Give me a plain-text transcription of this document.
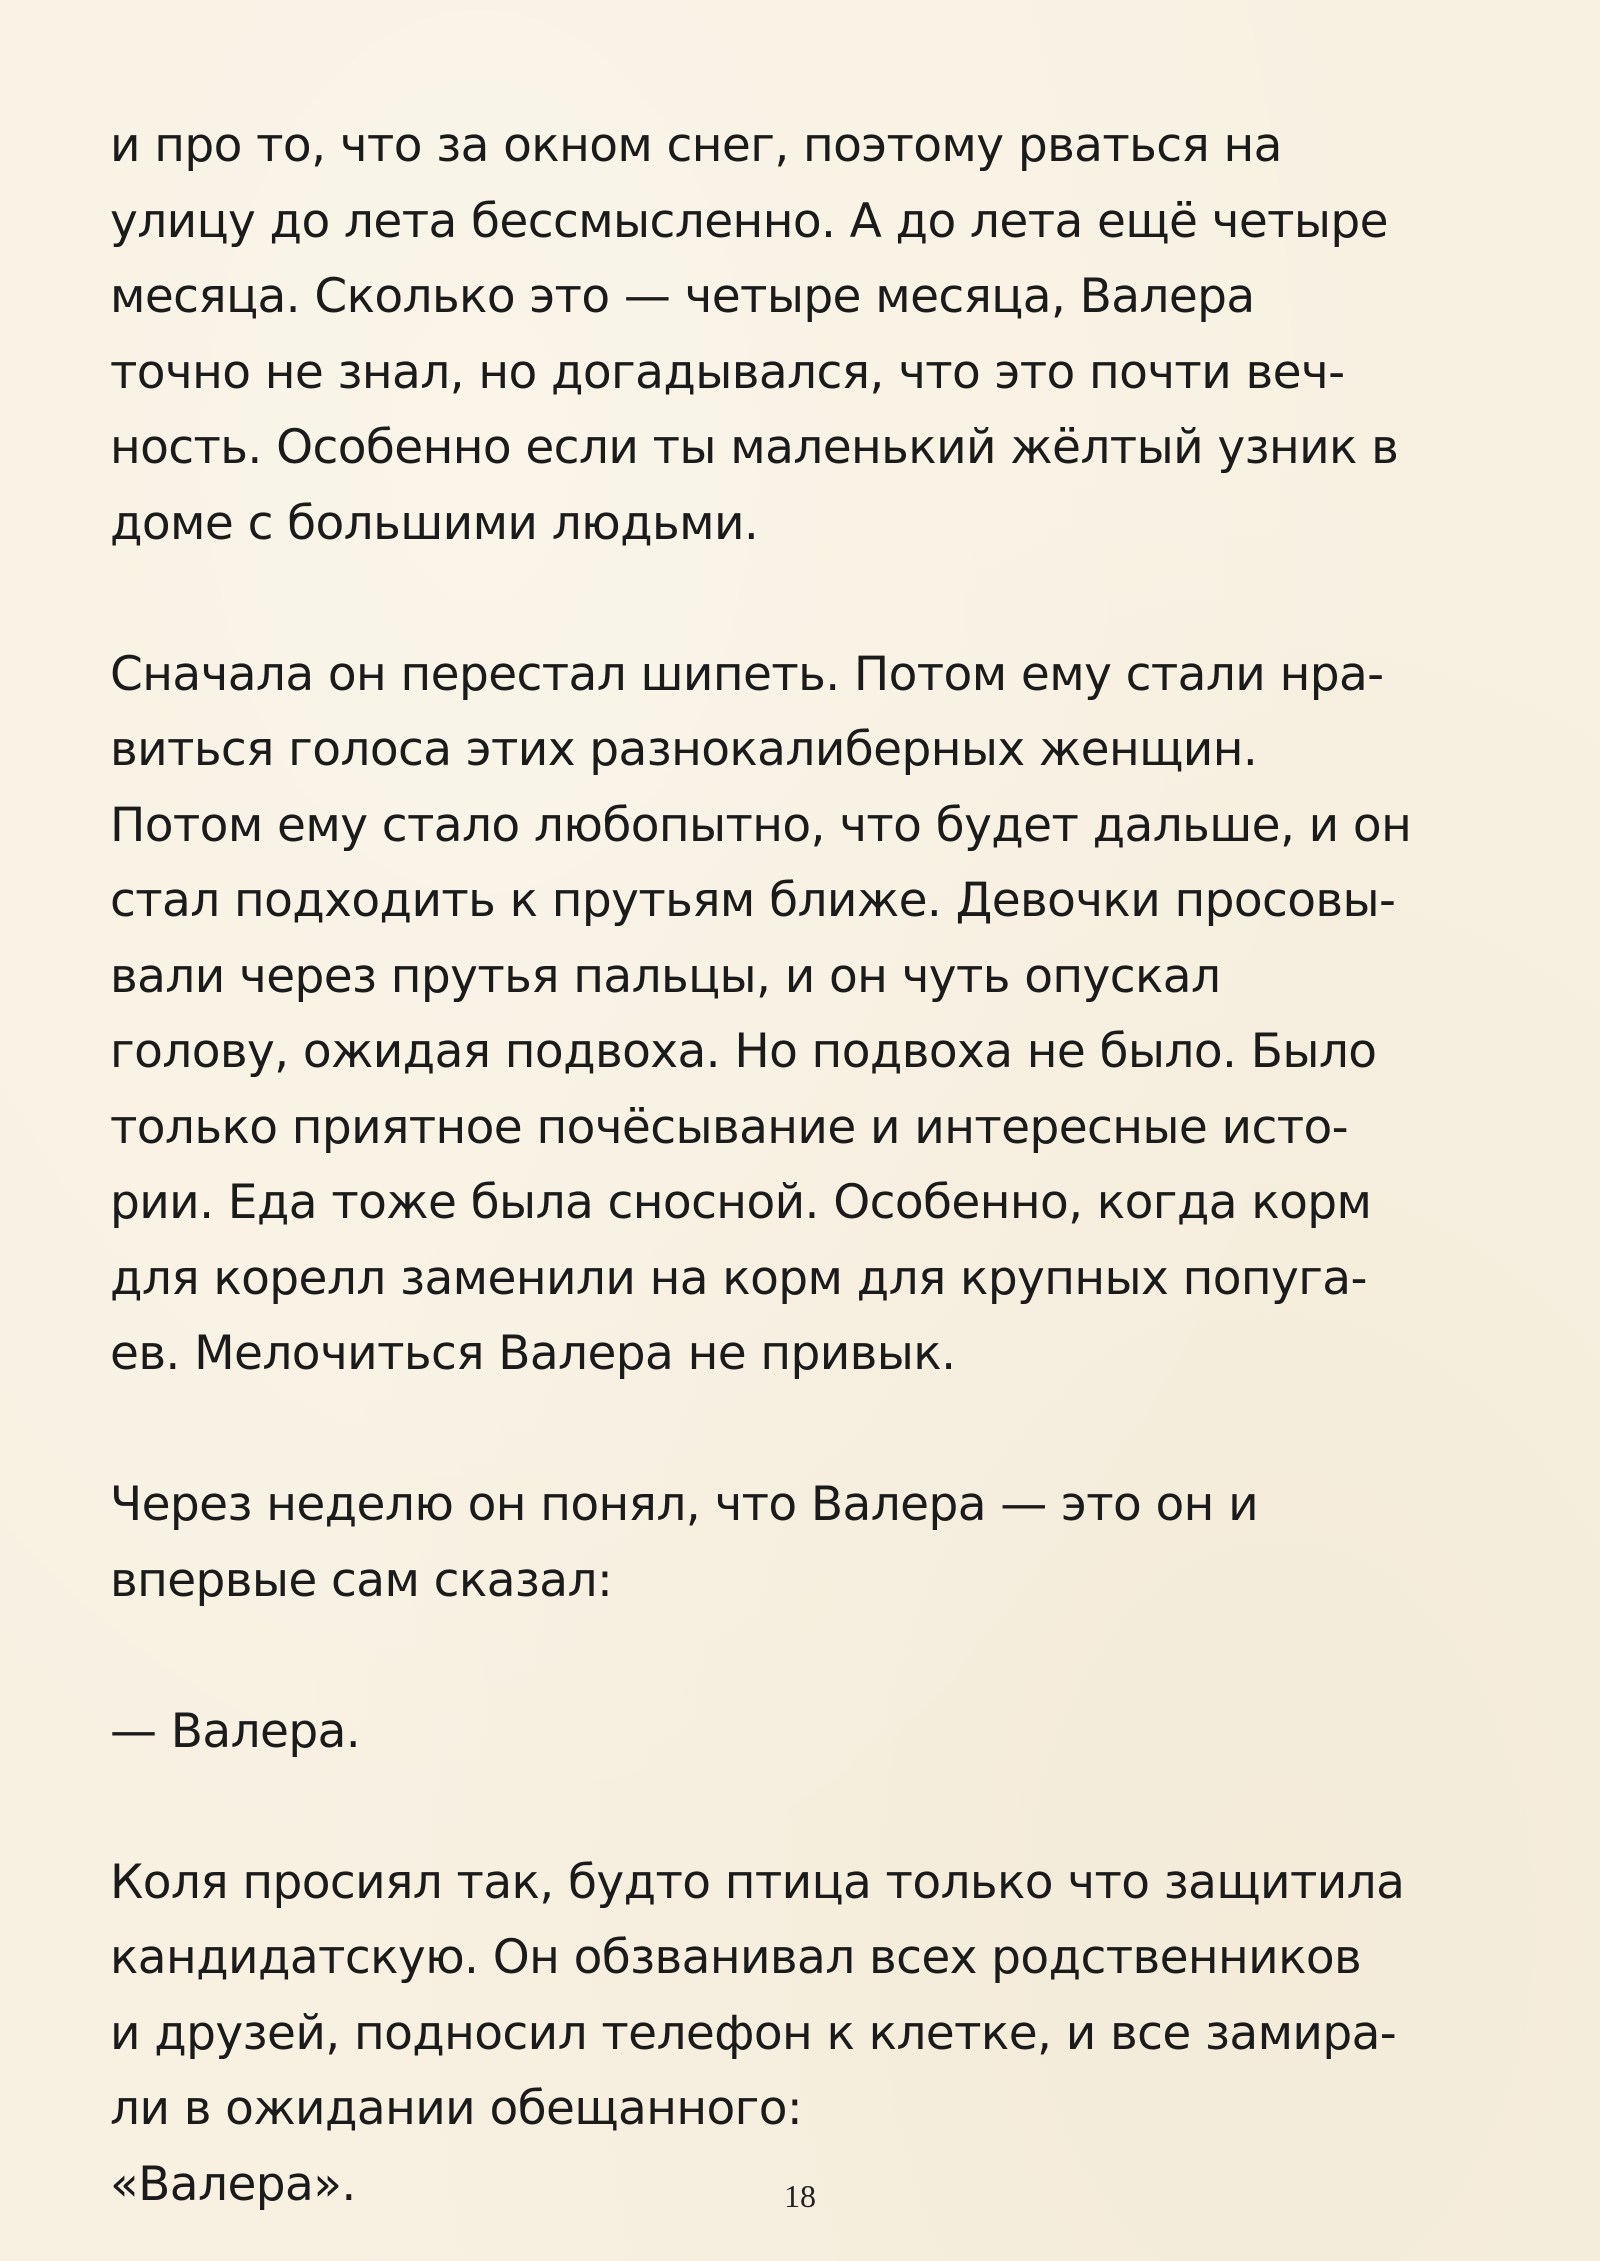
и про то, что за окном снег, поэтому рваться на
улицу до лета бессмысленно. А до лета ещё четыре
месяца. Сколько это — четыре месяца, Валера
точно не знал, но догадывался, что это почти веч-
ность. Особенно если ты маленький жёлтый узник в
доме с большими людьми.
Сначала он перестал шипеть. Потом ему стали нра-
виться голоса этих разнокалиберных женщин.
Потом ему стало любопытно, что будет дальше, и он
стал подходить к прутьям ближе. Девочки просовы-
вали через прутья пальцы, и он чуть опускал
голову, ожидая подвоха. Но подвоха не было. Было
только приятное почёсывание и интересные исто-
рии. Еда тоже была сносной. Особенно, когда корм
для корелл заменили на корм для крупных попуга-
ев. Мелочиться Валера не привык.
Через неделю он понял, что Валера — это он и
впервые сам сказал:
— Валера.
Коля просиял так, будто птица только что защитила
кандидатскую. Он обзванивал всех родственников
и друзей, подносил телефон к клетке, и все замира-
ли в ожидании обещанного:
«Валера».	18
